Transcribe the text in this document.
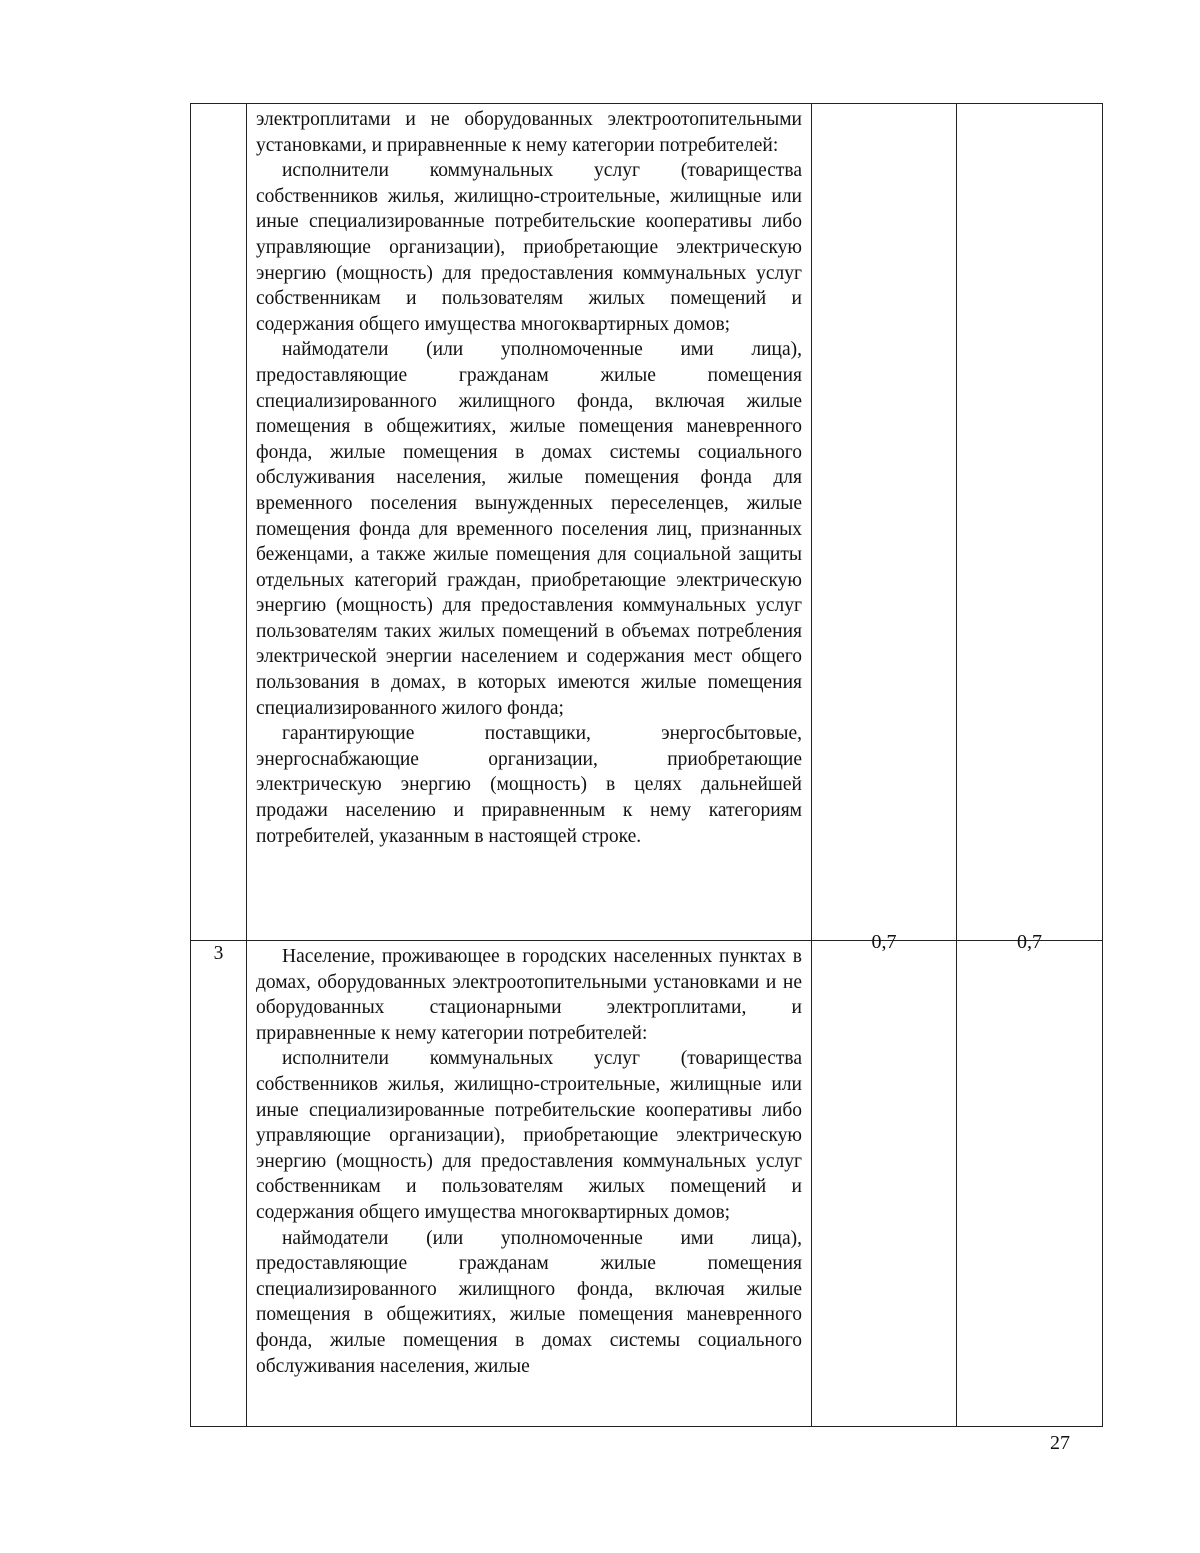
	электроплитами и не оборудованных электроотопительными установками, и приравненные к нему категории потребителей:

исполнители коммунальных услуг (товарищества собственников жилья, жилищно-строительные, жилищные или иные специализированные потребительские кооперативы либо управляющие организации), приобретающие электрическую энергию (мощность) для предоставления коммунальных услуг собственникам и пользователям жилых помещений и содержания общего имущества многоквартирных домов;

наймодатели (или уполномоченные ими лица), предоставляющие гражданам жилые помещения специализированного жилищного фонда, включая жилые помещения в общежитиях, жилые помещения маневренного фонда, жилые помещения в домах системы социального обслуживания населения, жилые помещения фонда для временного поселения вынужденных переселенцев, жилые помещения фонда для временного поселения лиц, признанных беженцами, а также жилые помещения для социальной защиты отдельных категорий граждан, приобретающие электрическую энергию (мощность) для предоставления коммунальных услуг пользователям таких жилых помещений в объемах потребления электрической энергии населением и содержания мест общего пользования в домах, в которых имеются жилые помещения специализированного жилого фонда;

гарантирующие поставщики, энергосбытовые, энергоснабжающие организации, приобретающие электрическую энергию (мощность) в целях дальнейшей продажи населению и приравненным к нему категориям потребителей, указанным в настоящей строке.		

3	Население, проживающее в городских населенных пунктах в домах, оборудованных электроотопительными установками и не оборудованных стационарными электроплитами, и приравненные к нему категории потребителей:

исполнители коммунальных услуг (товарищества собственников жилья, жилищно-строительные, жилищные или иные специализированные потребительские кооперативы либо управляющие организации), приобретающие электрическую энергию (мощность) для предоставления коммунальных услуг собственникам и пользователям жилых помещений и содержания общего имущества многоквартирных домов;

наймодатели (или уполномоченные ими лица), предоставляющие гражданам жилые помещения специализированного жилищного фонда, включая жилые помещения в общежитиях, жилые помещения маневренного фонда, жилые помещения в домах системы социального обслуживания населения, жилые	0,7	0,7
27
